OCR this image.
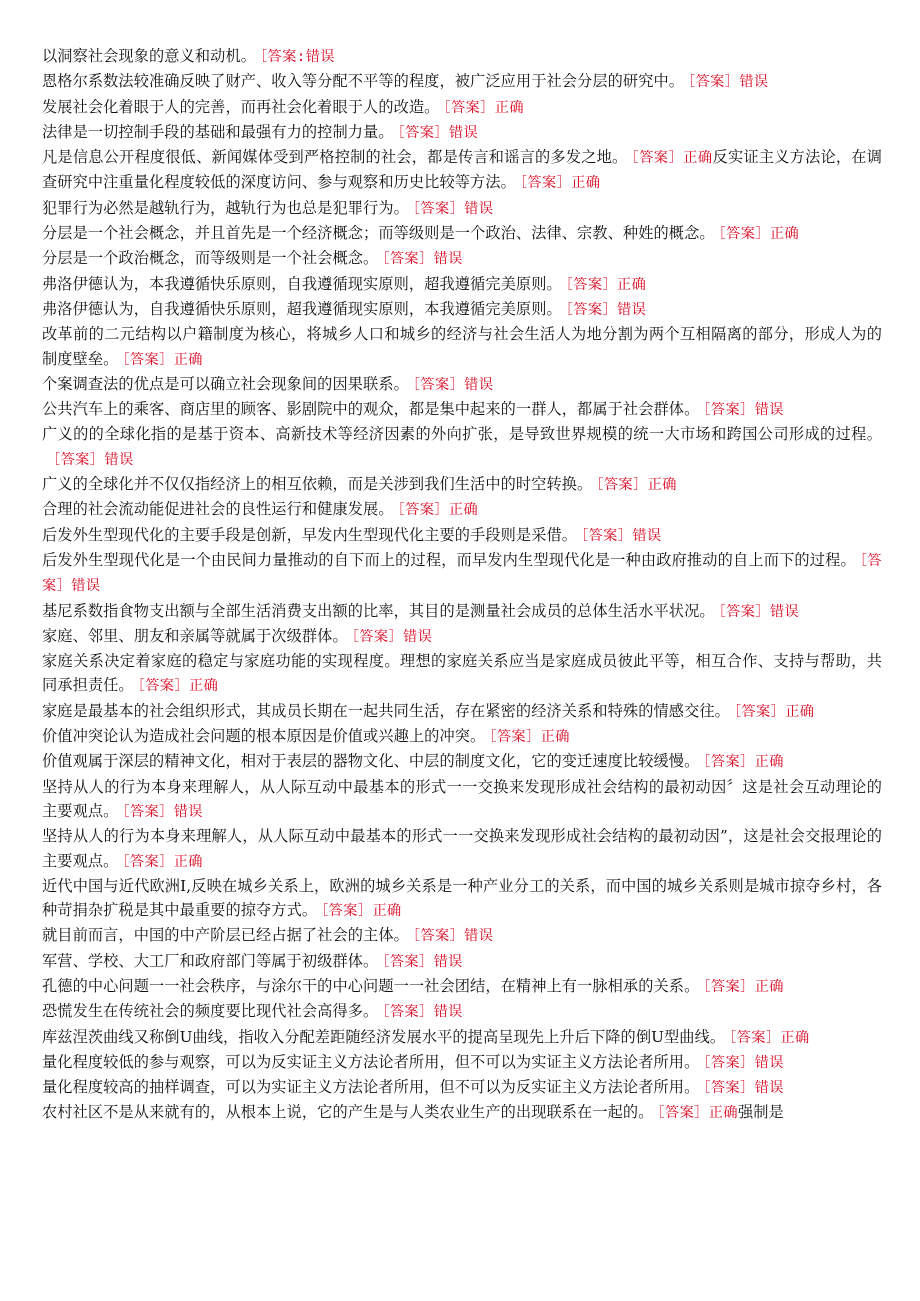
以洞察社会现象的意义和动机。 ［答案:错误

恩格尔系数法较准确反映了财产、收入等分配不平等的程度，被广泛应用于社会分层的研究中。 ［答案］错误

发展社会化着眼于人的完善，而再社会化着眼于人的改造。 ［答案］正确

法律是一切控制手段的基础和最强有力的控制力量。 ［答案］错误

凡是信息公开程度很低、新闻媒体受到严格控制的社会，都是传言和谣言的多发之地。 ［答案］正确反实证主义方法论，在调查研究中注重量化程度较低的深度访问、参与观察和历史比较等方法。 ［答案］正确

犯罪行为必然是越轨行为，越轨行为也总是犯罪行为。 ［答案］错误

分层是一个社会概念，并且首先是一个经济概念；而等级则是一个政治、法律、宗教、种姓的概念。 ［答案］正确

分层是一个政治概念，而等级则是一个社会概念。 ［答案］错误

弗洛伊德认为，本我遵循快乐原则，自我遵循现实原则，超我遵循完美原则。 ［答案］正确

弗洛伊德认为，自我遵循快乐原则，超我遵循现实原则，本我遵循完美原则。 ［答案］错误

改革前的二元结构以户籍制度为核心，将城乡人口和城乡的经济与社会生活人为地分割为两个互相隔离的部分，形成人为的制度壁垒。 ［答案］正确

个案调查法的优点是可以确立社会现象间的因果联系。 ［答案］错误

公共汽车上的乘客、商店里的顾客、影剧院中的观众，都是集中起来的一群人，都属于社会群体。 ［答案］错误

广义的的全球化指的是基于资本、高新技术等经济因素的外向扩张，是导致世界规模的统一大市场和跨国公司形成的过程。［答案］错误

广义的全球化并不仅仅指经济上的相互依赖，而是关涉到我们生活中的时空转换。 ［答案］正确

合理的社会流动能促进社会的良性运行和健康发展。 ［答案］正确

后发外生型现代化的主要手段是创新，早发内生型现代化主要的手段则是采借。 ［答案］错误

后发外生型现代化是一个由民间力量推动的自下而上的过程，而早发内生型现代化是一种由政府推动的自上而下的过程。 ［答案］错误

基尼系数指食物支出额与全部生活消费支出额的比率，其目的是测量社会成员的总体生活水平状况。 ［答案］错误

家庭、邻里、朋友和亲属等就属于次级群体。 ［答案］错误

家庭关系决定着家庭的稳定与家庭功能的实现程度。理想的家庭关系应当是家庭成员彼此平等，相互合作、支持与帮助，共同承担责任。 ［答案］正确

家庭是最基本的社会组织形式，其成员长期在一起共同生活，存在紧密的经济关系和特殊的情感交往。 ［答案］正确

价值冲突论认为造成社会问题的根本原因是价值或兴趣上的冲突。 ［答案］正确

价值观属于深层的精神文化，相对于表层的器物文化、中层的制度文化，它的变迁速度比较缓慢。 ［答案］正确

坚持从人的行为本身来理解人，从人际互动中最基本的形式一一交换来发现形成社会结构的最初动因〞这是社会互动理论的主要观点。 ［答案］错误

坚持从人的行为本身来理解人，从人际互动中最基本的形式一一交换来发现形成社会结构的最初动因”，这是社会交报理论的主要观点。 ［答案］正确

近代中国与近代欧洲I,反映在城乡关系上，欧洲的城乡关系是一种产业分工的关系，而中国的城乡关系则是城市掠夺乡村，各种苛捐杂扩税是其中最重要的掠夺方式。 ［答案］正确

就目前而言，中国的中产阶层已经占据了社会的主体。 ［答案］错误

军营、学校、大工厂和政府部门等属于初级群体。 ［答案］错误

孔德的中心问题一一社会秩序，与涂尔干的中心问题一一社会团结，在精神上有一脉相承的关系。 ［答案］正确

恐慌发生在传统社会的频度要比现代社会高得多。 ［答案］错误

库兹涅茨曲线又称倒U曲线，指收入分配差距随经济发展水平的提高呈现先上升后下降的倒U型曲线。 ［答案］正确

量化程度较低的参与观察，可以为反实证主义方法论者所用，但不可以为实证主义方法论者所用。 ［答案］错误

量化程度较高的抽样调查，可以为实证主义方法论者所用，但不可以为反实证主义方法论者所用。 ［答案］错误

农村社区不是从来就有的，从根本上说，它的产生是与人类农业生产的出现联系在一起的。 ［答案］正确强制是
